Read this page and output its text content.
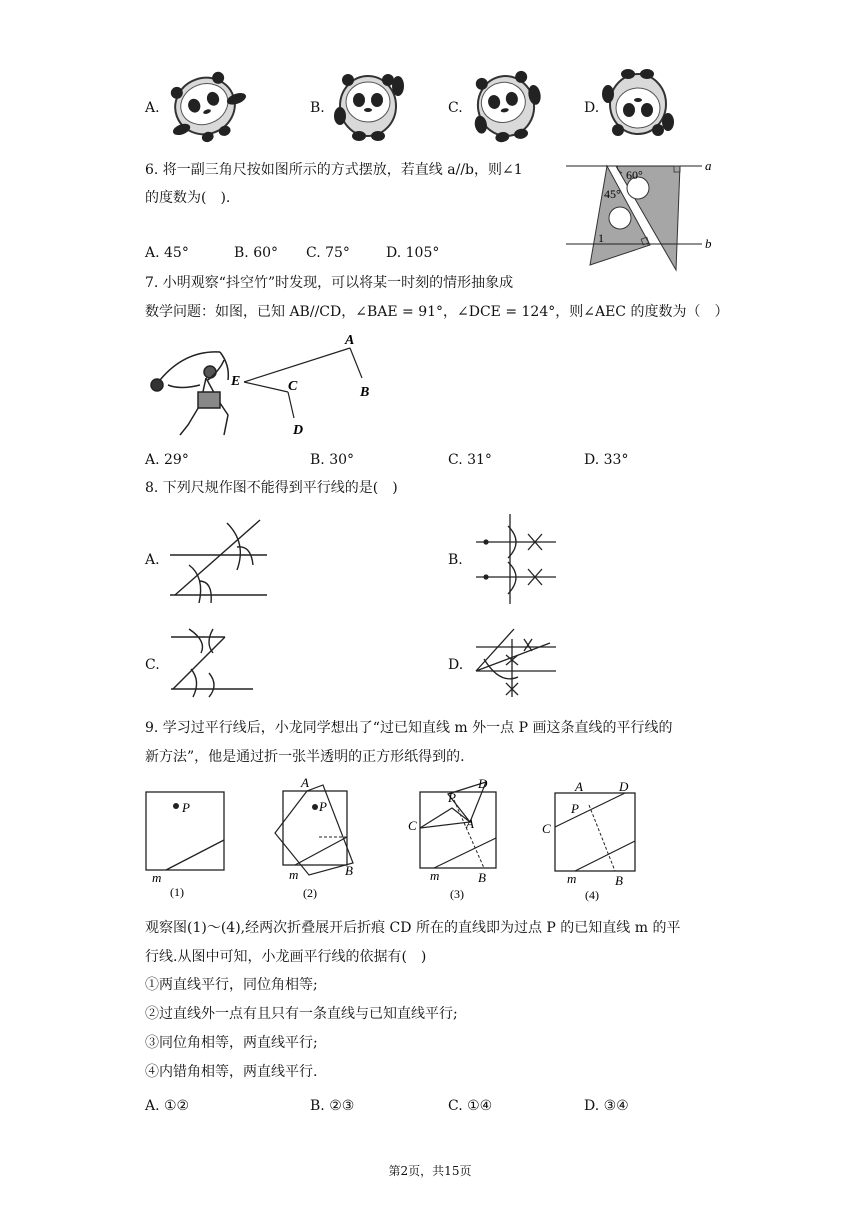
A.	B.	C.	D.
6. 将一副三角尺按如图所示的方式摆放，若直线 a//b，则∠1
的度数为(　).
A. 45°	B. 60° C. 75°	D. 105°
a
b
60°
45°
1
7. 小明观察“抖空竹”时发现，可以将某一时刻的情形抽象成
数学问题：如图，已知 AB//CD，∠BAE = 91°，∠DCE = 124°，则∠AEC 的度数为（　）
A
B
C
D
E
A. 29°	B. 30°	C. 31°	D. 33°
8. 下列尺规作图不能得到平行线的是(　)
A.	B.
C.	D.
9. 学习过平行线后，小龙同学想出了“过已知直线 m 外一点 P 画这条直线的平行线的
新方法”，他是通过折一张半透明的正方形纸得到的.
P
m
(1)
A
P
B
m
(2)
D
P
A
C
m	B
(3)
A	D
P
C
m	B
(4)
观察图(1)～(4),经两次折叠展开后折痕 CD 所在的直线即为过点 P 的已知直线 m 的平
行线.从图中可知，小龙画平行线的依据有(　)
①两直线平行，同位角相等;
②过直线外一点有且只有一条直线与已知直线平行;
③同位角相等，两直线平行;
④内错角相等，两直线平行.
A. ①②	B. ②③	C. ①④	D. ③④
第2页，共15页
